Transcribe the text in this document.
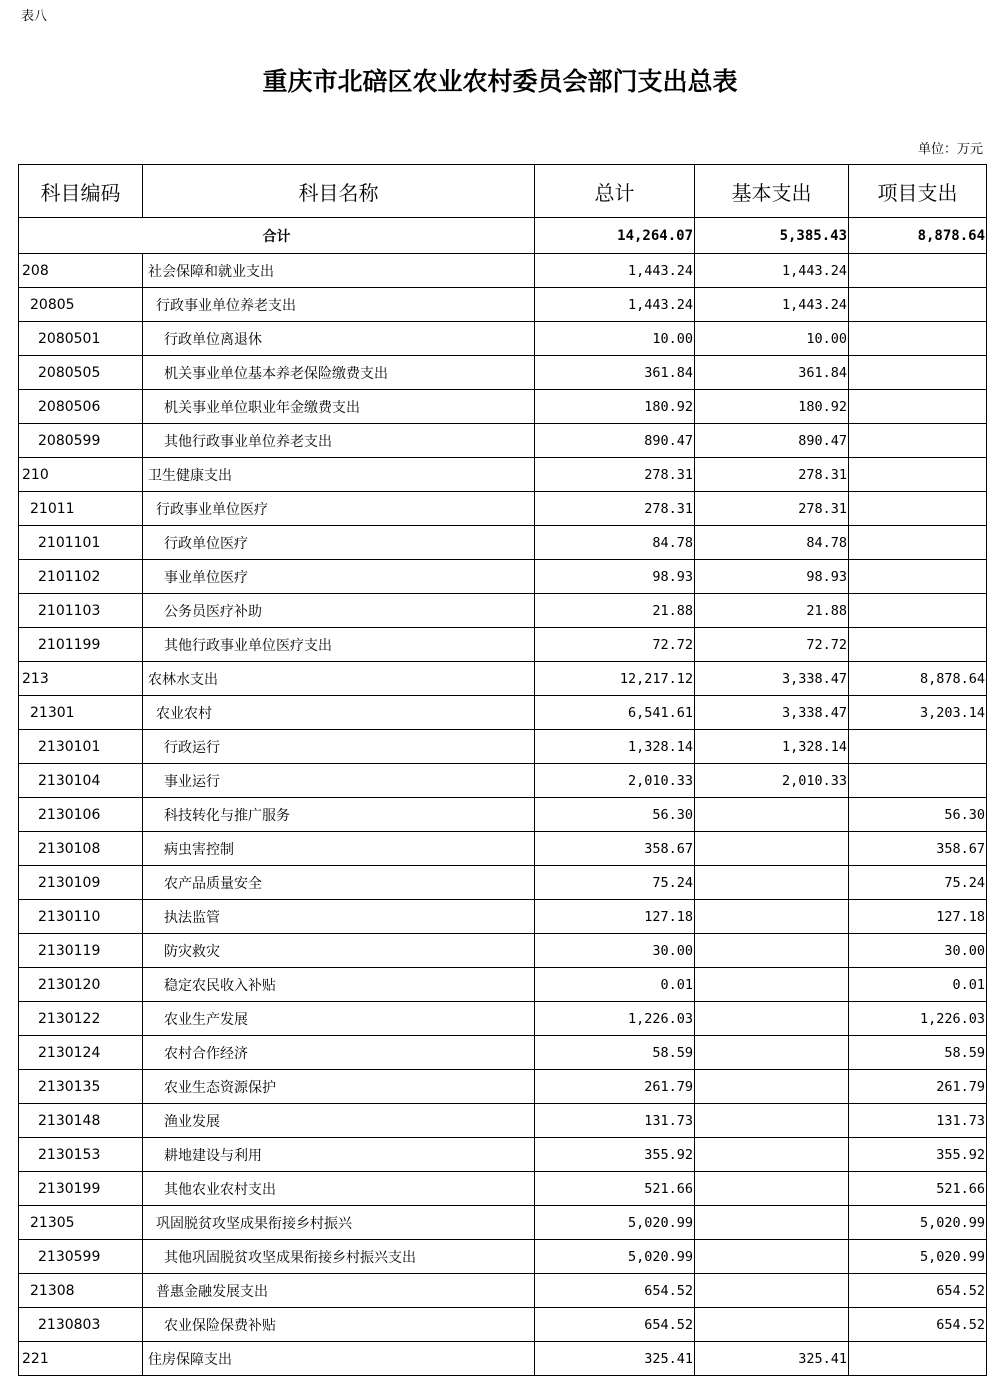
表八
重庆市北碚区农业农村委员会部门支出总表
单位：万元
科目编码	科目名称	总计	基本支出	项目支出
合计		14,264.07	5,385.43	8,878.64
208	社会保障和就业支出	1,443.24	1,443.24	
20805	行政事业单位养老支出	1,443.24	1,443.24	
2080501	行政单位离退休	10.00	10.00	
2080505	机关事业单位基本养老保险缴费支出	361.84	361.84	
2080506	机关事业单位职业年金缴费支出	180.92	180.92	
2080599	其他行政事业单位养老支出	890.47	890.47	
210	卫生健康支出	278.31	278.31	
21011	行政事业单位医疗	278.31	278.31	
2101101	行政单位医疗	84.78	84.78	
2101102	事业单位医疗	98.93	98.93	
2101103	公务员医疗补助	21.88	21.88	
2101199	其他行政事业单位医疗支出	72.72	72.72	
213	农林水支出	12,217.12	3,338.47	8,878.64
21301	农业农村	6,541.61	3,338.47	3,203.14
2130101	行政运行	1,328.14	1,328.14	
2130104	事业运行	2,010.33	2,010.33	
2130106	科技转化与推广服务	56.30		56.30
2130108	病虫害控制	358.67		358.67
2130109	农产品质量安全	75.24		75.24
2130110	执法监管	127.18		127.18
2130119	防灾救灾	30.00		30.00
2130120	稳定农民收入补贴	0.01		0.01
2130122	农业生产发展	1,226.03		1,226.03
2130124	农村合作经济	58.59		58.59
2130135	农业生态资源保护	261.79		261.79
2130148	渔业发展	131.73		131.73
2130153	耕地建设与利用	355.92		355.92
2130199	其他农业农村支出	521.66		521.66
21305	巩固脱贫攻坚成果衔接乡村振兴	5,020.99		5,020.99
2130599	其他巩固脱贫攻坚成果衔接乡村振兴支出	5,020.99		5,020.99
21308	普惠金融发展支出	654.52		654.52
2130803	农业保险保费补贴	654.52		654.52
221	住房保障支出	325.41	325.41	
